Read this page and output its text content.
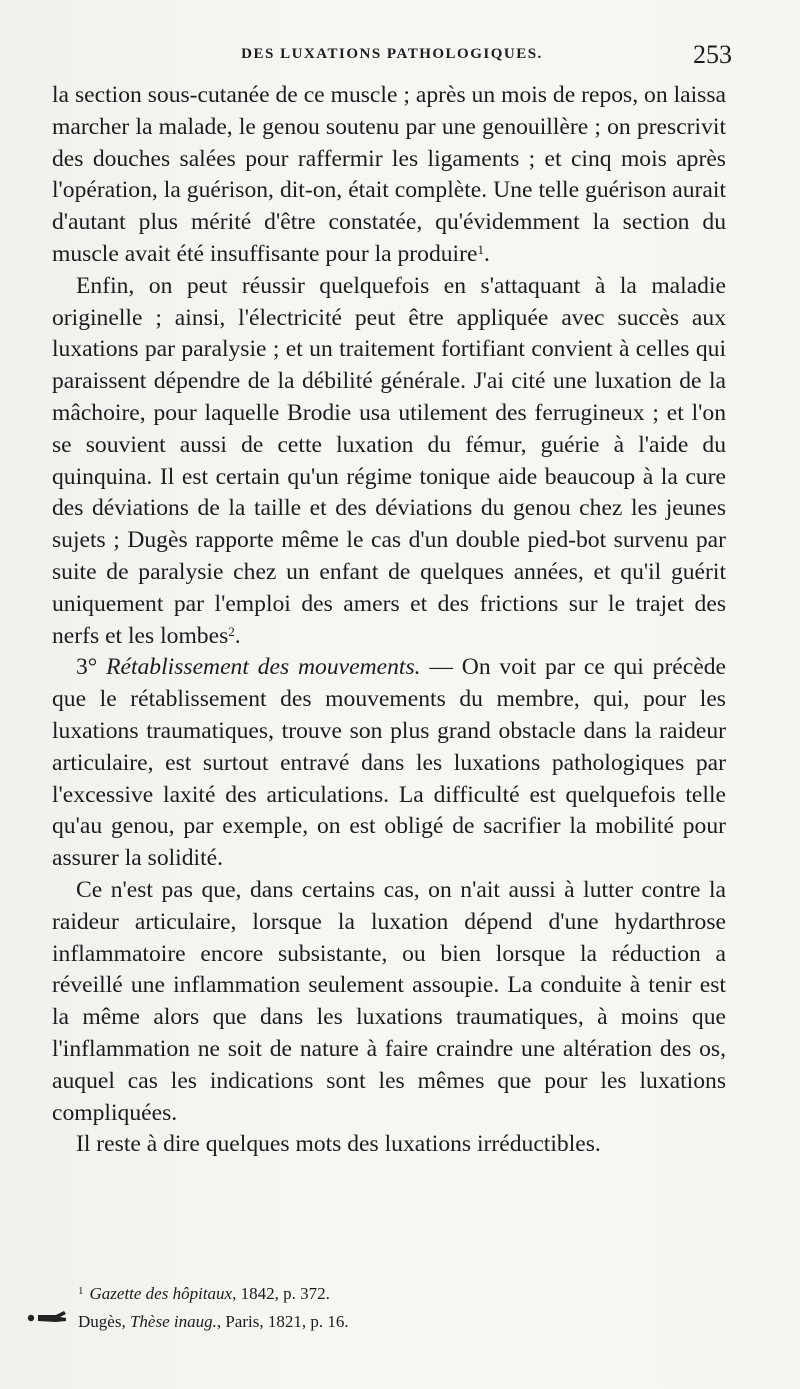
DES LUXATIONS PATHOLOGIQUES.	253

la section sous-cutanée de ce muscle ; après un mois de repos, on laissa marcher la malade, le genou soutenu par une genouillère ; on prescrivit des douches salées pour raffermir les ligaments ; et cinq mois après l'opération, la guérison, dit-on, était complète. Une telle guérison aurait d'autant plus mérité d'être constatée, qu'évidemment la section du muscle avait été insuffisante pour la produire$^1$.

Enfin, on peut réussir quelquefois en s'attaquant à la maladie originelle ; ainsi, l'électricité peut être appliquée avec succès aux luxations par paralysie ; et un traitement fortifiant convient à celles qui paraissent dépendre de la débilité générale. J'ai cité une luxation de la mâchoire, pour laquelle Brodie usa utilement des ferrugineux ; et l'on se souvient aussi de cette luxation du fémur, guérie à l'aide du quinquina. Il est certain qu'un régime tonique aide beaucoup à la cure des déviations de la taille et des déviations du genou chez les jeunes sujets ; Dugès rapporte même le cas d'un double pied-bot survenu par suite de paralysie chez un enfant de quelques années, et qu'il guérit uniquement par l'emploi des amers et des frictions sur le trajet des nerfs et les lombes$^2$.

3° Rétablissement des mouvements. — On voit par ce qui précède que le rétablissement des mouvements du membre, qui, pour les luxations traumatiques, trouve son plus grand obstacle dans la raideur articulaire, est surtout entravé dans les luxations pathologiques par l'excessive laxité des articulations. La difficulté est quelquefois telle qu'au genou, par exemple, on est obligé de sacrifier la mobilité pour assurer la solidité.

Ce n'est pas que, dans certains cas, on n'ait aussi à lutter contre la raideur articulaire, lorsque la luxation dépend d'une hydarthrose inflammatoire encore subsistante, ou bien lorsque la réduction a réveillé une inflammation seulement assoupie. La conduite à tenir est la même alors que dans les luxations traumatiques, à moins que l'inflammation ne soit de nature à faire craindre une altération des os, auquel cas les indications sont les mêmes que pour les luxations compliquées.

Il reste à dire quelques mots des luxations irréductibles.

$^1$ Gazette des hôpitaux, 1842, p. 372.

Dugès, Thèse inaug., Paris, 1821, p. 16.
